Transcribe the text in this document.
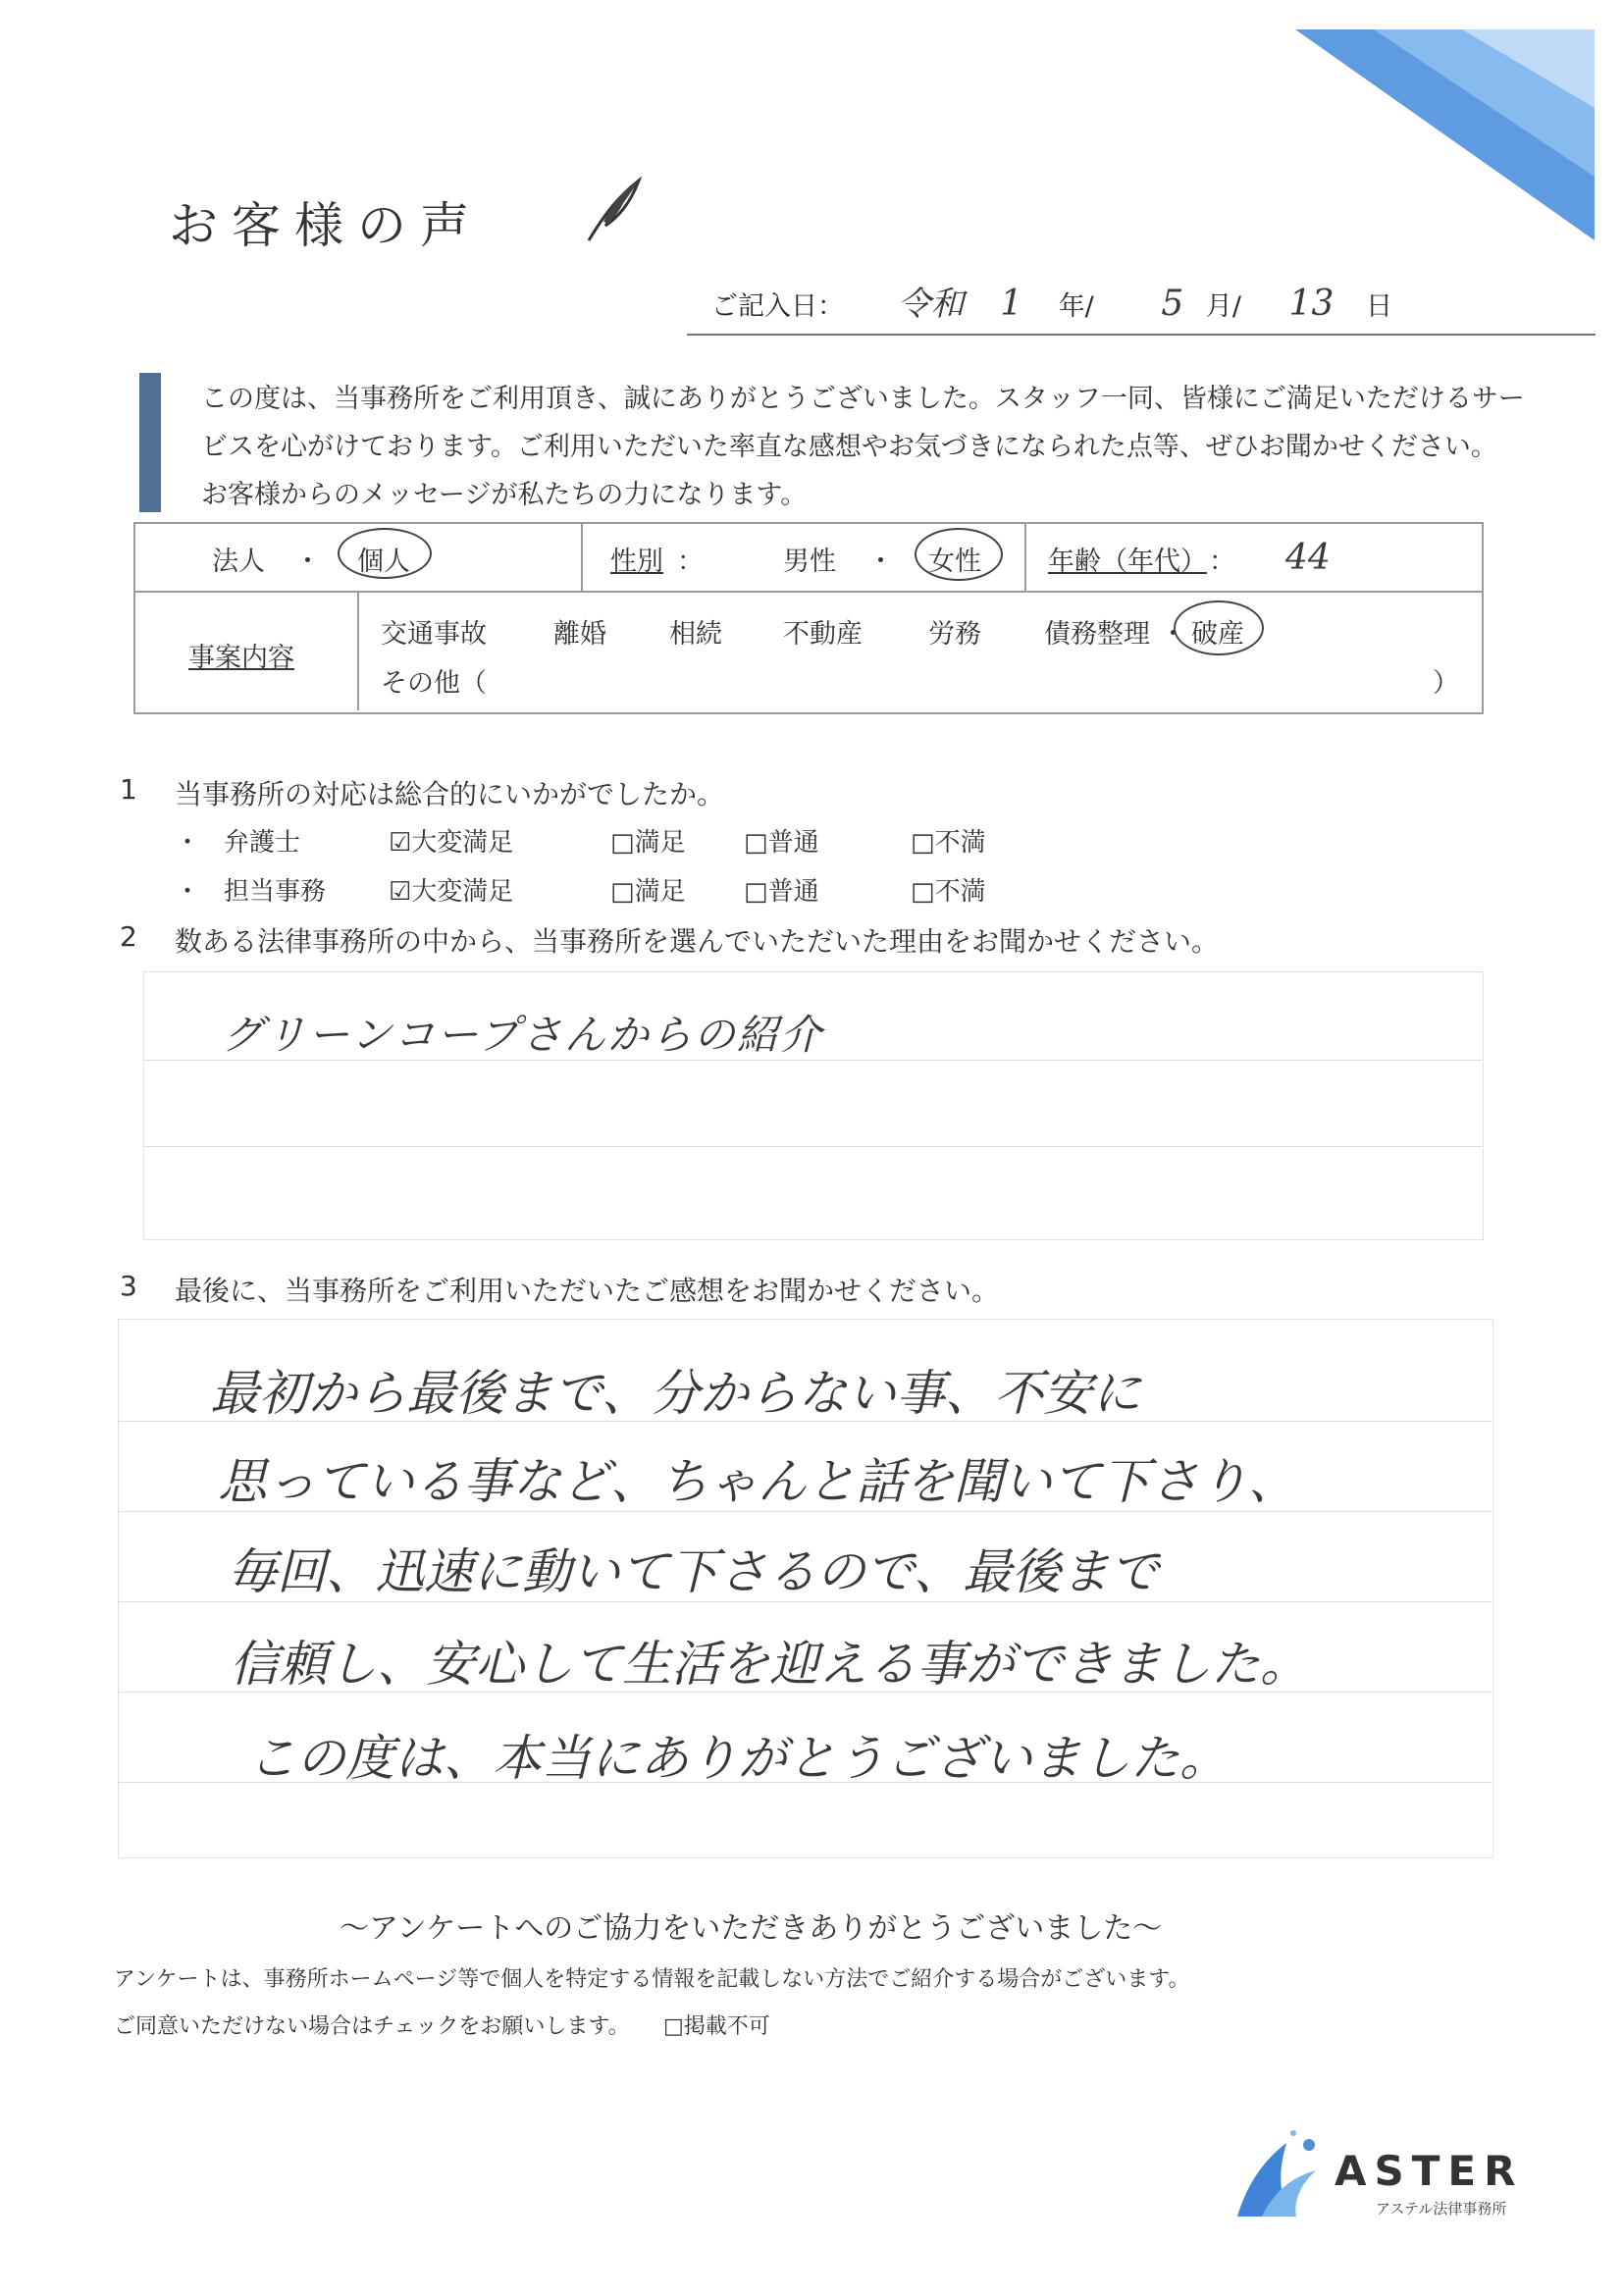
お客様の声
ご記入日： 令和 1 年/ 5 月/ 13 日
この度は、当事務所をご利用頂き、誠にありがとうございました。スタッフ一同、皆様にご満足いただけるサービスを心がけております。ご利用いただいた率直な感想やお気づきになられた点等、ぜひお聞かせください。　お客様からのメッセージが私たちの力になります。
法人 ・ 個人	性別 ：	男性 ・ 女性	年齢（年代） ： 44
事案内容
交通事故	離婚 相続 不動産 労務 債務整理 ・ 破産
その他（	）
1 当事務所の対応は総合的にいかがでしたか。
・ 弁護士	☑大変満足	□満足 □普通	□不満
・ 担当事務 ☑大変満足	□満足 □普通	□不満
2 数ある法律事務所の中から、当事務所を選んでいただいた理由をお聞かせください。
グリーンコープさんからの紹介
3 最後に、当事務所をご利用いただいたご感想をお聞かせください。
最初から最後まで、分からない事、不安に
思っている事など、ちゃんと話を聞いて下さり、
毎回、迅速に動いて下さるので、最後まで
信頼し、安心して生活を迎える事ができました。
この度は、本当にありがとうございました。
～アンケートへのご協力をいただきありがとうございました～
アンケートは、事務所ホームページ等で個人を特定する情報を記載しない方法でご紹介する場合がございます。
ご同意いただけない場合はチェックをお願いします。 □掲載不可
ASTER
アステル法律事務所
